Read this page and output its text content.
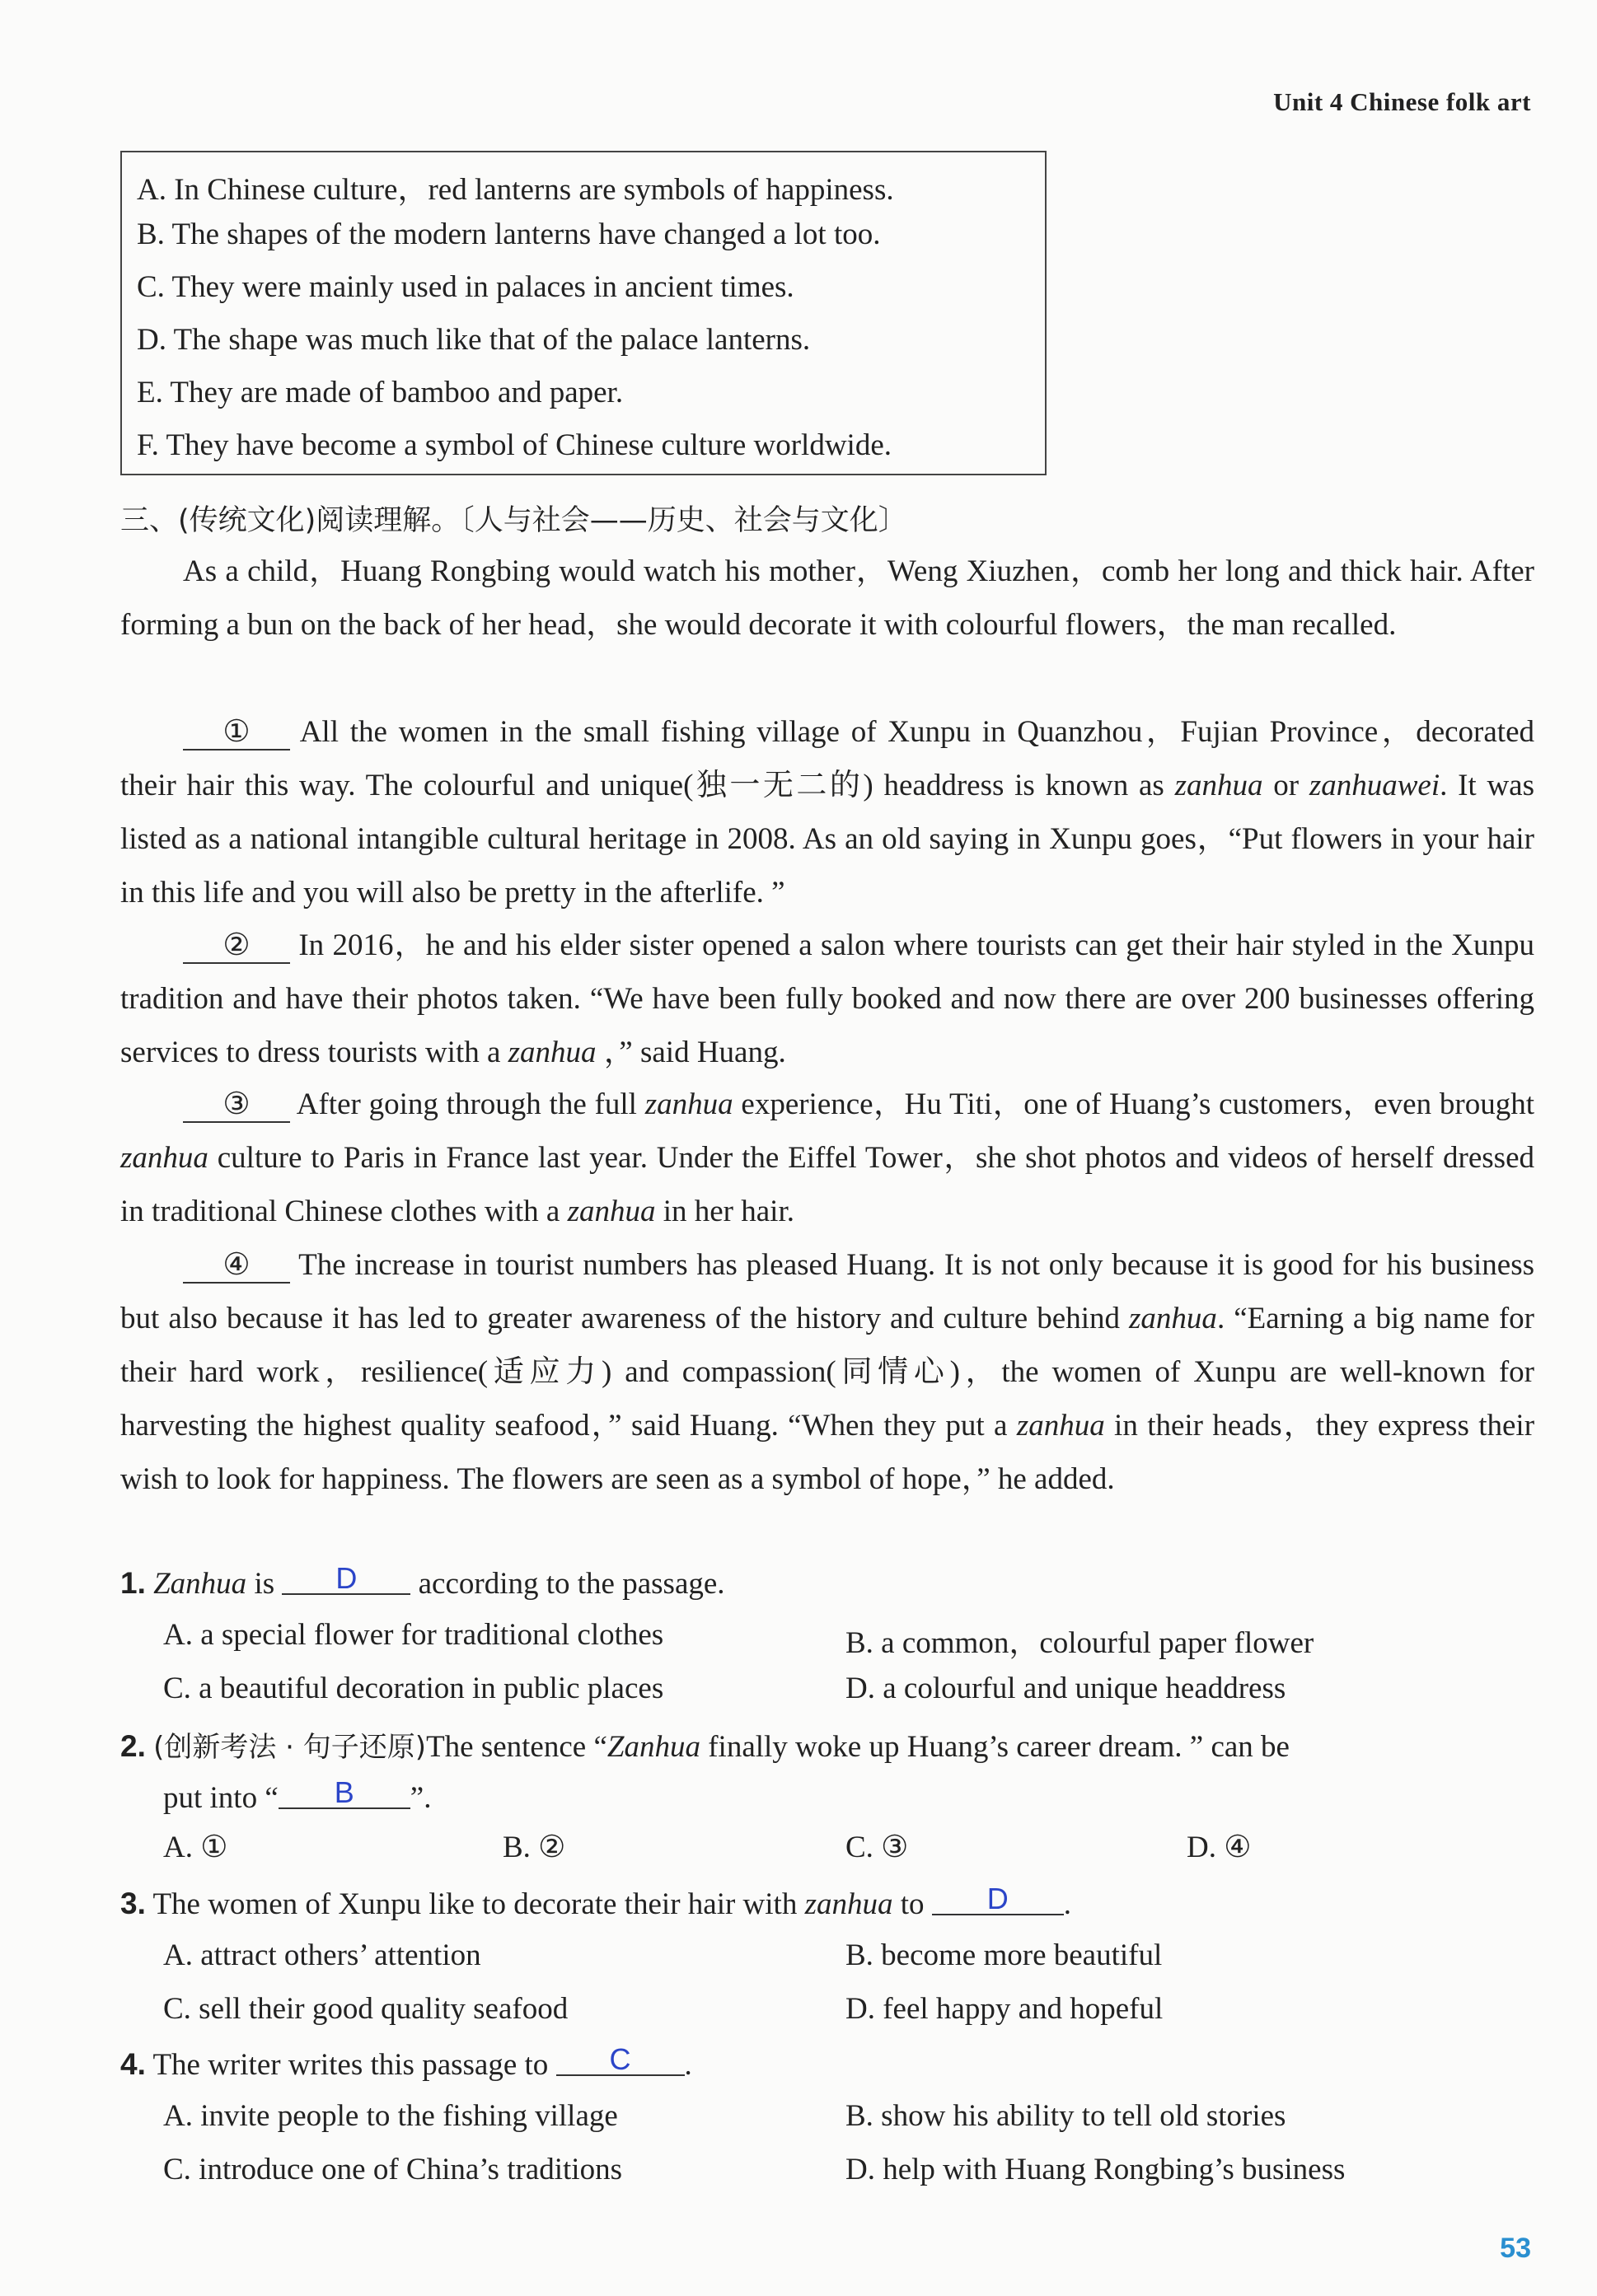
Unit 4 Chinese folk art
A. In Chinese culture，red lanterns are symbols of happiness.
B. The shapes of the modern lanterns have changed a lot too.
C. They were mainly used in palaces in ancient times.
D. The shape was much like that of the palace lanterns.
E. They are made of bamboo and paper.
F. They have become a symbol of Chinese culture worldwide.
三、(传统文化)阅读理解。〔人与社会——历史、社会与文化〕
As a child，Huang Rongbing would watch his mother，Weng Xiuzhen，comb her long and thick hair. After forming a bun on the back of her head，she would decorate it with colourful flowers，the man recalled.
① All the women in the small fishing village of Xunpu in Quanzhou，Fujian Province，decorated their hair this way. The colourful and unique(独一无二的) headdress is known as zanhua or zanhuawei. It was listed as a national intangible cultural heritage in 2008. As an old saying in Xunpu goes，“Put flowers in your hair in this life and you will also be pretty in the afterlife. ”
② In 2016，he and his elder sister opened a salon where tourists can get their hair styled in the Xunpu tradition and have their photos taken. “We have been fully booked and now there are over 200 businesses offering services to dress tourists with a zanhua ，” said Huang.
③ After going through the full zanhua experience，Hu Titi，one of Huang’s customers，even brought zanhua culture to Paris in France last year. Under the Eiffel Tower，she shot photos and videos of herself dressed in traditional Chinese clothes with a zanhua in her hair.
④ The increase in tourist numbers has pleased Huang. It is not only because it is good for his business but also because it has led to greater awareness of the history and culture behind zanhua. “Earning a big name for their hard work，resilience(适应力) and compassion(同情心)，the women of Xunpu are well-known for harvesting the highest quality seafood，” said Huang. “When they put a zanhua in their heads，they express their wish to look for happiness. The flowers are seen as a symbol of hope，” he added.
1. Zanhua is D according to the passage.
A. a special flower for traditional clothes	B. a common，colourful paper flower
C. a beautiful decoration in public places	D. a colourful and unique headdress
2. (创新考法 · 句子还原)The sentence “Zanhua finally woke up Huang’s career dream. ” can be
put into “ B ”.
A. ①	B. ②	C. ③	D. ④
3. The women of Xunpu like to decorate their hair with zanhua to D .
A. attract others’ attention	B. become more beautiful
C. sell their good quality seafood	D. feel happy and hopeful
4. The writer writes this passage to C .
A. invite people to the fishing village	B. show his ability to tell old stories
C. introduce one of China’s traditions	D. help with Huang Rongbing’s business
53
